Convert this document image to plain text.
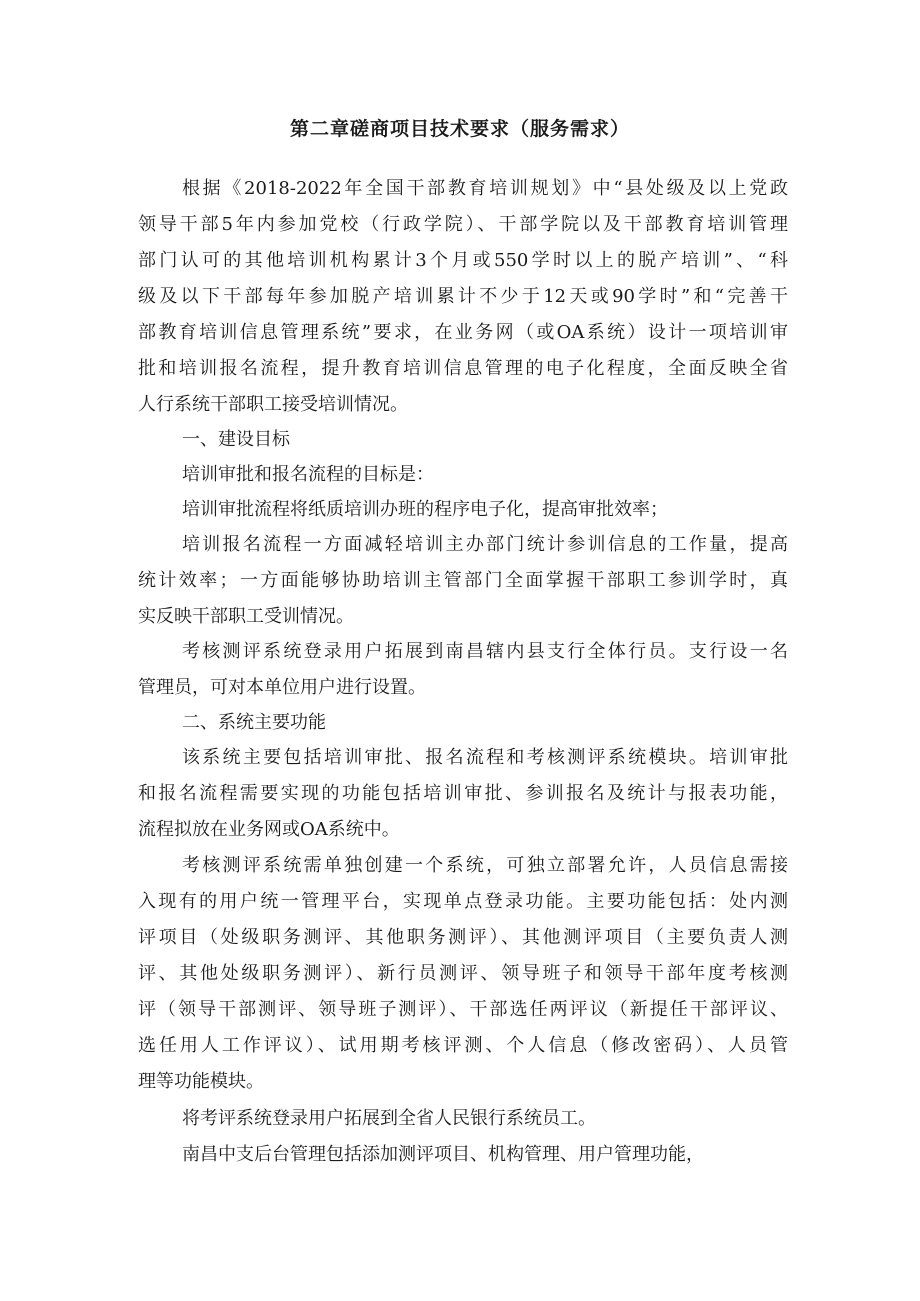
第二章磋商项目技术要求（服务需求）
根据《2018-2022年全国干部教育培训规划》中“县处级及以上党政
领导干部5年内参加党校（行政学院）、干部学院以及干部教育培训管理
部门认可的其他培训机构累计3个月或550学时以上的脱产培训”、“科
级及以下干部每年参加脱产培训累计不少于12天或90学时”和“完善干
部教育培训信息管理系统”要求，在业务网（或OA系统）设计一项培训审
批和培训报名流程，提升教育培训信息管理的电子化程度，全面反映全省
人行系统干部职工接受培训情况。
一、建设目标
培训审批和报名流程的目标是：
培训审批流程将纸质培训办班的程序电子化，提高审批效率；
培训报名流程一方面减轻培训主办部门统计参训信息的工作量，提高
统计效率；一方面能够协助培训主管部门全面掌握干部职工参训学时，真
实反映干部职工受训情况。
考核测评系统登录用户拓展到南昌辖内县支行全体行员。支行设一名
管理员，可对本单位用户进行设置。
二、系统主要功能
该系统主要包括培训审批、报名流程和考核测评系统模块。培训审批
和报名流程需要实现的功能包括培训审批、参训报名及统计与报表功能，
流程拟放在业务网或OA系统中。
考核测评系统需单独创建一个系统，可独立部署允许，人员信息需接
入现有的用户统一管理平台，实现单点登录功能。主要功能包括：处内测
评项目（处级职务测评、其他职务测评）、其他测评项目（主要负责人测
评、其他处级职务测评）、新行员测评、领导班子和领导干部年度考核测
评（领导干部测评、领导班子测评）、干部选任两评议（新提任干部评议、
选任用人工作评议）、试用期考核评测、个人信息（修改密码）、人员管
理等功能模块。
将考评系统登录用户拓展到全省人民银行系统员工。
南昌中支后台管理包括添加测评项目、机构管理、用户管理功能，
